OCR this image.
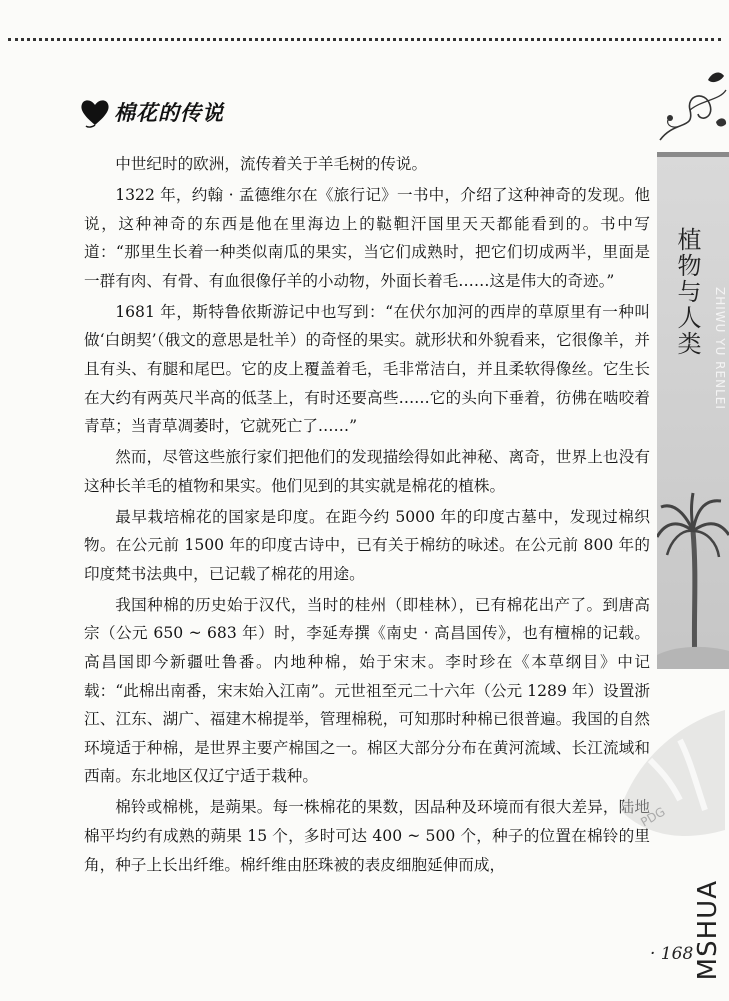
棉花的传说

中世纪时的欧洲，流传着关于羊毛树的传说。

1322 年，约翰 · 孟德维尔在《旅行记》一书中，介绍了这种神奇的发现。他说，这种神奇的东西是他在里海边上的鞑靼汗国里天天都能看到的。书中写道：“那里生长着一种类似南瓜的果实，当它们成熟时，把它们切成两半，里面是一群有肉、有骨、有血很像仔羊的小动物，外面长着毛……这是伟大的奇迹。”

1681 年，斯特鲁依斯游记中也写到：“在伏尔加河的西岸的草原里有一种叫做‘白朗契’（俄文的意思是牡羊）的奇怪的果实。就形状和外貌看来，它很像羊，并且有头、有腿和尾巴。它的皮上覆盖着毛，毛非常洁白，并且柔软得像丝。它生长在大约有两英尺半高的低茎上，有时还要高些……它的头向下垂着，彷佛在啮咬着青草；当青草凋萎时，它就死亡了……”

然而，尽管这些旅行家们把他们的发现描绘得如此神秘、离奇，世界上也没有这种长羊毛的植物和果实。他们见到的其实就是棉花的植株。

最早栽培棉花的国家是印度。在距今约 5000 年的印度古墓中，发现过棉织物。在公元前 1500 年的印度古诗中，已有关于棉纺的咏述。在公元前 800 年的印度梵书法典中，已记载了棉花的用途。

我国种棉的历史始于汉代，当时的桂州（即桂林），已有棉花出产了。到唐高宗（公元 650 ~ 683 年）时，李延寿撰《南史 · 高昌国传》，也有檀棉的记载。高昌国即今新疆吐鲁番。内地种棉，始于宋末。李时珍在《本草纲目》中记载：“此棉出南番，宋末始入江南”。元世祖至元二十六年（公元 1289 年）设置浙江、江东、湖广、福建木棉提举，管理棉税，可知那时种棉已很普遍。我国的自然环境适于种棉，是世界主要产棉国之一。棉区大部分分布在黄河流域、长江流域和西南。东北地区仅辽宁适于栽种。

棉铃或棉桃，是蒴果。每一株棉花的果数，因品种及环境而有很大差异，陆地棉平均约有成熟的蒴果 15 个，多时可达 400 ~ 500 个，种子的位置在棉铃的里角，种子上长出纤维。棉纤维由胚珠被的表皮细胞延伸而成，

植物与人类	ZHIWU YU RENLEI
PDG
MSHUA
· 168 ·
